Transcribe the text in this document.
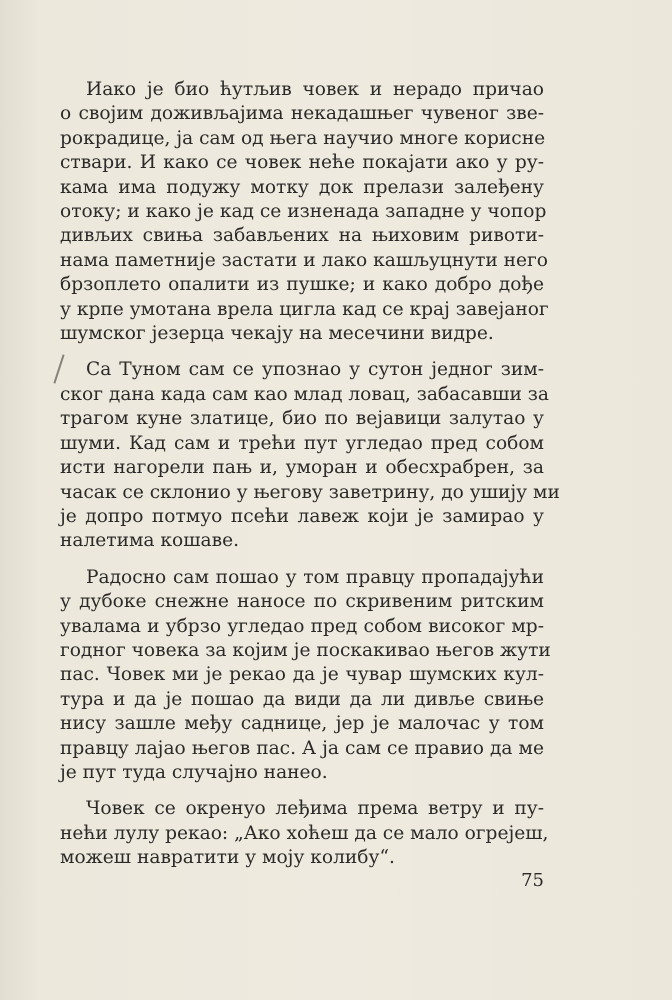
Иако је био ћутљив човек и нерадо причао
о својим доживљајима некадашњег чувеног зве-
рокрадице, ја сам од њега научио многе корисне
ствари. И како се човек неће покајати ако у ру-
кама има подужу мотку док прелази залеђену
отоку; и како је кад се изненада западне у чопор
дивљих свиња забављених на њиховим ривоти-
нама паметније застати и лако кашљуцнути него
брзоплето опалити из пушке; и како добро дође
у крпе умотана врела цигла кад се крај завејаног
шумског језерца чекају на месечини видре.

Са Туном сам се упознао у сутон једног зим-
ског дана када сам као млад ловац, забасавши за
трагом куне златице, био по вејавици залутао у
шуми. Кад сам и трећи пут угледао пред собом
исти нагорели пањ и, уморан и обесхрабрен, за
часак се склонио у његову заветрину, до ушију ми
је допро потмуо псећи лавеж који је замирао у
налетима кошаве.

Радосно сам пошао у том правцу пропадајући
у дубоке снежне наносе по скривеним ритским
увалама и убрзо угледао пред собом високог мр-
годног човека за којим је поскакивао његов жути
пас. Човек ми је рекао да је чувар шумских кул-
тура и да је пошао да види да ли дивље свиње
нису зашле међу саднице, јер је малочас у том
правцу лајао његов пас. А ја сам се правио да ме
је пут туда случајно нанео.

Човек се окренуо леђима према ветру и пу-
нећи лулу рекао: „Ако хоћеш да се мало огрејеш,
можеш навратити у моју колибу“.

75
